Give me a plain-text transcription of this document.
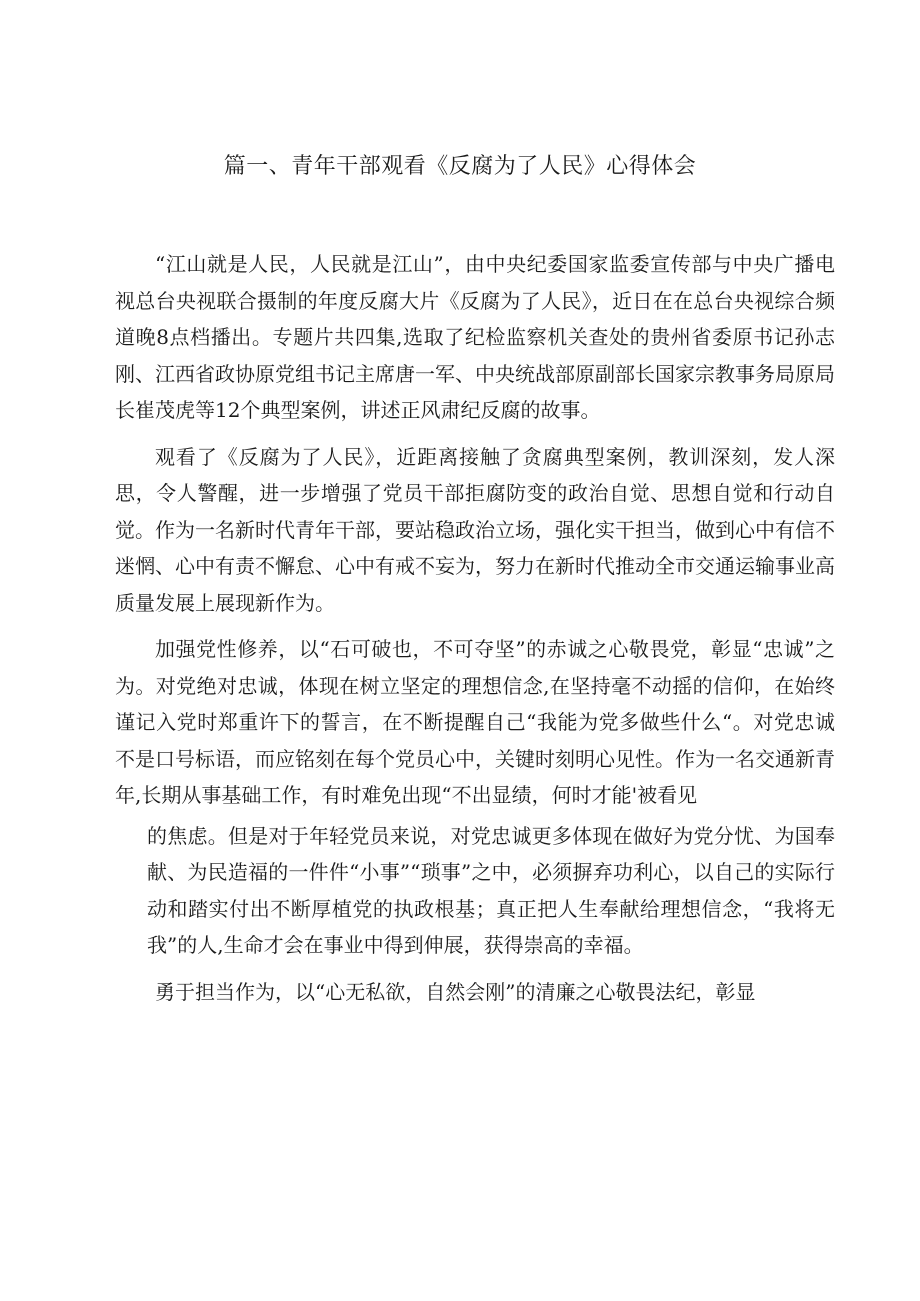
篇一、青年干部观看《反腐为了人民》心得体会

“江山就是人民，人民就是江山”，由中央纪委国家监委宣传部与中央广播电视总台央视联合摄制的年度反腐大片《反腐为了人民》，近日在在总台央视综合频道晚8点档播出。专题片共四集,选取了纪检监察机关查处的贵州省委原书记孙志刚、江西省政协原党组书记主席唐一军、中央统战部原副部长国家宗教事务局原局长崔茂虎等12个典型案例，讲述正风肃纪反腐的故事。

观看了《反腐为了人民》，近距离接触了贪腐典型案例，教训深刻，发人深思，令人警醒，进一步增强了党员干部拒腐防变的政治自觉、思想自觉和行动自觉。作为一名新时代青年干部，要站稳政治立场，强化实干担当，做到心中有信不迷惘、心中有责不懈怠、心中有戒不妄为，努力在新时代推动全市交通运输事业高质量发展上展现新作为。

加强党性修养，以“石可破也，不可夺坚”的赤诚之心敬畏党，彰显“忠诚”之为。对党绝对忠诚，体现在树立坚定的理想信念,在坚持毫不动摇的信仰，在始终谨记入党时郑重许下的誓言，在不断提醒自己“我能为党多做些什么“。对党忠诚不是口号标语，而应铭刻在每个党员心中，关键时刻明心见性。作为一名交通新青年,长期从事基础工作，有时难免出现“不出显绩，何时才能'被看见

的焦虑。但是对于年轻党员来说，对党忠诚更多体现在做好为党分忧、为国奉献、为民造福的一件件“小事”“琐事”之中，必须摒弃功利心，以自己的实际行动和踏实付出不断厚植党的执政根基；真正把人生奉献给理想信念，“我将无我”的人,生命才会在事业中得到伸展，获得崇高的幸福。

勇于担当作为，以“心无私欲，自然会刚”的清廉之心敬畏法纪，彰显
